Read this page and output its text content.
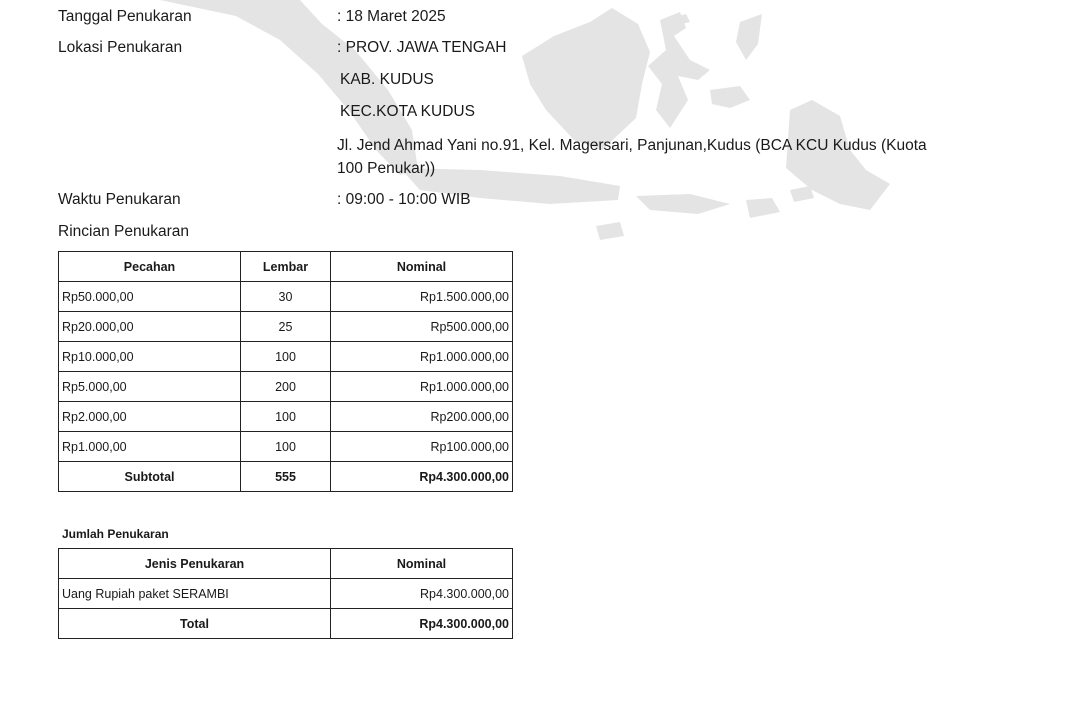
Tanggal Penukaran	: 18 Maret 2025
Lokasi Penukaran	: PROV. JAWA TENGAH
KAB. KUDUS
KEC.KOTA KUDUS
Jl. Jend Ahmad Yani no.91, Kel. Magersari, Panjunan,Kudus (BCA KCU Kudus (Kuota 100 Penukar))
Waktu Penukaran	: 09:00 - 10:00 WIB
Rincian Penukaran
Pecahan	Lembar	Nominal
Rp50.000,00	30	Rp1.500.000,00
Rp20.000,00	25	Rp500.000,00
Rp10.000,00	100	Rp1.000.000,00
Rp5.000,00	200	Rp1.000.000,00
Rp2.000,00	100	Rp200.000,00
Rp1.000,00	100	Rp100.000,00
Subtotal	555	Rp4.300.000,00
Jumlah Penukaran
Jenis Penukaran	Nominal
Uang Rupiah paket SERAMBI	Rp4.300.000,00
Total	Rp4.300.000,00
